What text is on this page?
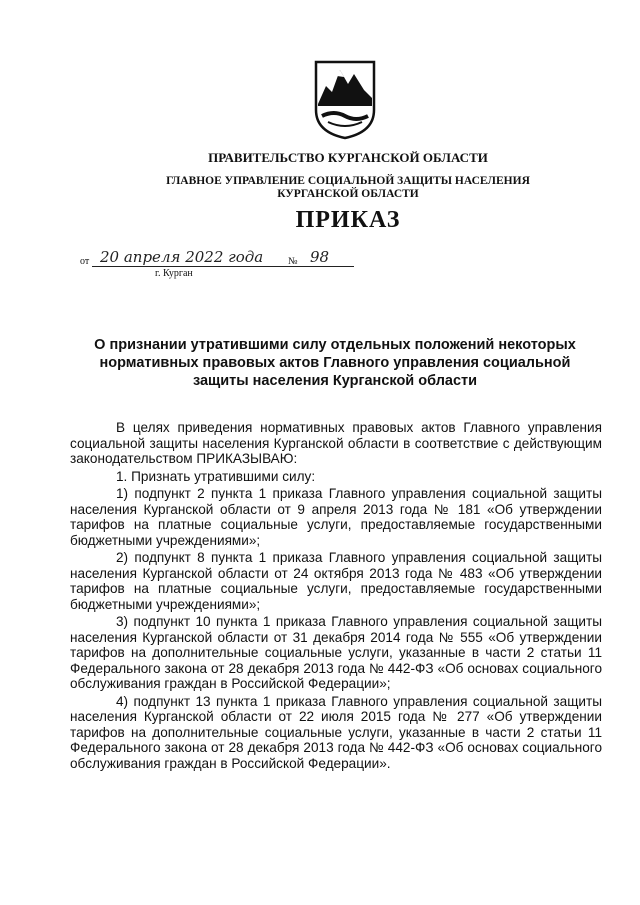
ПРАВИТЕЛЬСТВО КУРГАНСКОЙ ОБЛАСТИ
ГЛАВНОЕ УПРАВЛЕНИЕ СОЦИАЛЬНОЙ ЗАЩИТЫ НАСЕЛЕНИЯ КУРГАНСКОЙ ОБЛАСТИ
ПРИКАЗ
от 20 апреля 2022 года № 98
г. Курган
О признании утратившими силу отдельных положений некоторых нормативных правовых актов Главного управления социальной защиты населения Курганской области

В целях приведения нормативных правовых актов Главного управления социальной защиты населения Курганской области в соответствие с действующим законодательством ПРИКАЗЫВАЮ:

1. Признать утратившими силу:

1) подпункт 2 пункта 1 приказа Главного управления социальной защиты населения Курганской области от 9 апреля 2013 года № 181 «Об утверждении тарифов на платные социальные услуги, предоставляемые государственными бюджетными учреждениями»;

2) подпункт 8 пункта 1 приказа Главного управления социальной защиты населения Курганской области от 24 октября 2013 года № 483 «Об утверждении тарифов на платные социальные услуги, предоставляемые государственными бюджетными учреждениями»;

3) подпункт 10 пункта 1 приказа Главного управления социальной защиты населения Курганской области от 31 декабря 2014 года № 555 «Об утверждении тарифов на дополнительные социальные услуги, указанные в части 2 статьи 11 Федерального закона от 28 декабря 2013 года № 442-ФЗ «Об основах социального обслуживания граждан в Российской Федерации»;

4) подпункт 13 пункта 1 приказа Главного управления социальной защиты населения Курганской области от 22 июля 2015 года № 277 «Об утверждении тарифов на дополнительные социальные услуги, указанные в части 2 статьи 11 Федерального закона от 28 декабря 2013 года № 442-ФЗ «Об основах социального обслуживания граждан в Российской Федерации».
